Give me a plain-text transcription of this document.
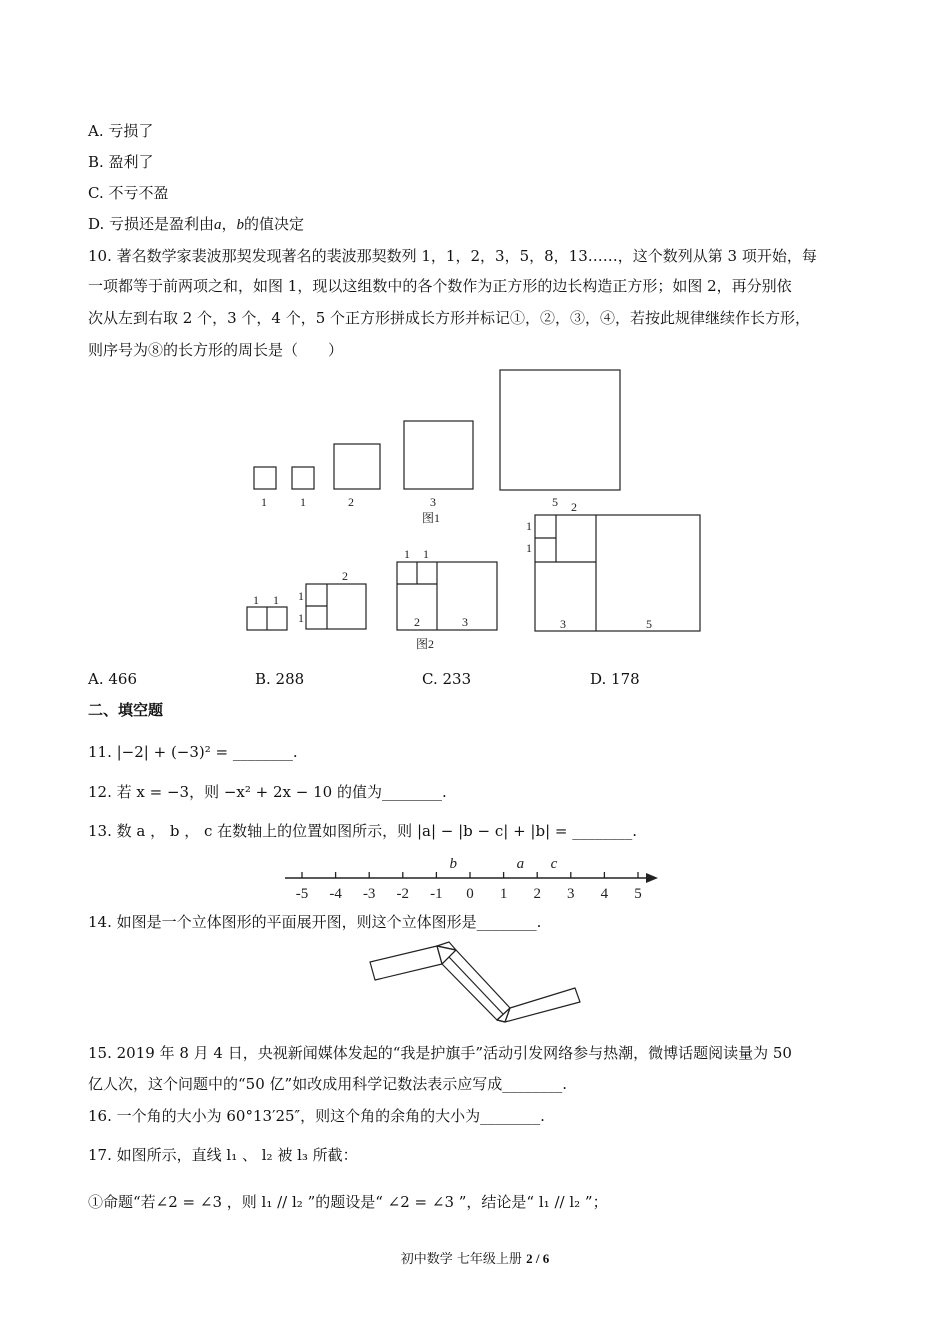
A. 亏损了
B. 盈利了
C. 不亏不盈
D. 亏损还是盈利由a，b的值决定
10. 著名数学家裴波那契发现著名的裴波那契数列 1，1，2，3，5，8，13……，这个数列从第 3 项开始，每
一项都等于前两项之和，如图 1，现以这组数中的各个数作为正方形的边长构造正方形；如图 2，再分别依
次从左到右取 2 个，3 个，4 个，5 个正方形拼成长方形并标记①，②，③，④，若按此规律继续作长方形，
则序号为⑧的长方形的周长是（　　）
1	1	2	3	5
图1
1 1
2
1
1
1 1
2	3
2
1
1
3	5
图2
A. 466	B. 288	C. 233	D. 178
二、填空题
11. |−2| + (−3)² = ________.
12. 若 x = −3，则 −x² + 2x − 10 的值为________.
13. 数 a ， b ， c 在数轴上的位置如图所示，则 |a| − |b − c| + |b| = ________.
-5 -4 -3 -2 -1 0 1 2 3 4 5
b	a c
14. 如图是一个立体图形的平面展开图，则这个立体图形是________.
15. 2019 年 8 月 4 日，央视新闻媒体发起的“我是护旗手”活动引发网络参与热潮，微博话题阅读量为 50
亿人次，这个问题中的“50 亿”如改成用科学记数法表示应写成________.
16. 一个角的大小为 60°13′25″，则这个角的余角的大小为________.
17. 如图所示，直线 l₁ 、 l₂ 被 l₃ 所截：
①命题“若∠2 = ∠3 ，则 l₁ // l₂ ”的题设是“ ∠2 = ∠3 ”，结论是“ l₁ // l₂ ”；
初中数学 七年级上册 2 / 6
